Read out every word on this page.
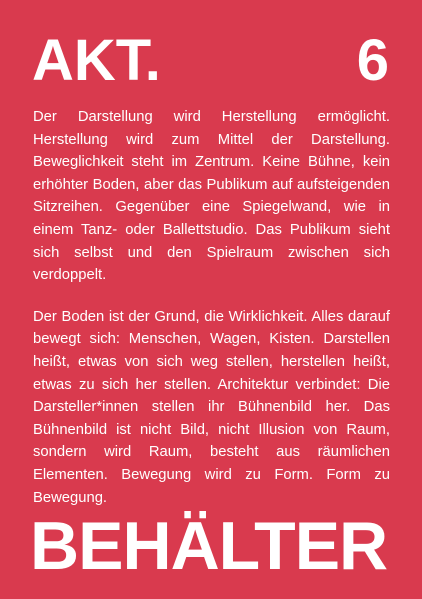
AKT.	6

Der Darstellung wird Herstellung ermöglicht. Herstellung wird zum Mittel der Darstellung. Beweglichkeit steht im Zentrum. Keine Bühne, kein erhöhter Boden, aber das Publikum auf aufsteigenden Sitzreihen. Gegenüber eine Spiegelwand, wie in einem Tanz- oder Ballettstudio. Das Publikum sieht sich selbst und den Spielraum zwischen sich verdoppelt.

Der Boden ist der Grund, die Wirklichkeit. Alles darauf bewegt sich: Menschen, Wagen, Kisten. Darstellen heißt, etwas von sich weg stellen, herstellen heißt, etwas zu sich her stellen. Architektur verbindet: Die Darsteller*innen stellen ihr Bühnenbild her. Das Bühnenbild ist nicht Bild, nicht Illusion von Raum, sondern wird Raum, besteht aus räumlichen Elementen. Bewegung wird zu Form. Form zu Bewegung.

BEHÄLTER
